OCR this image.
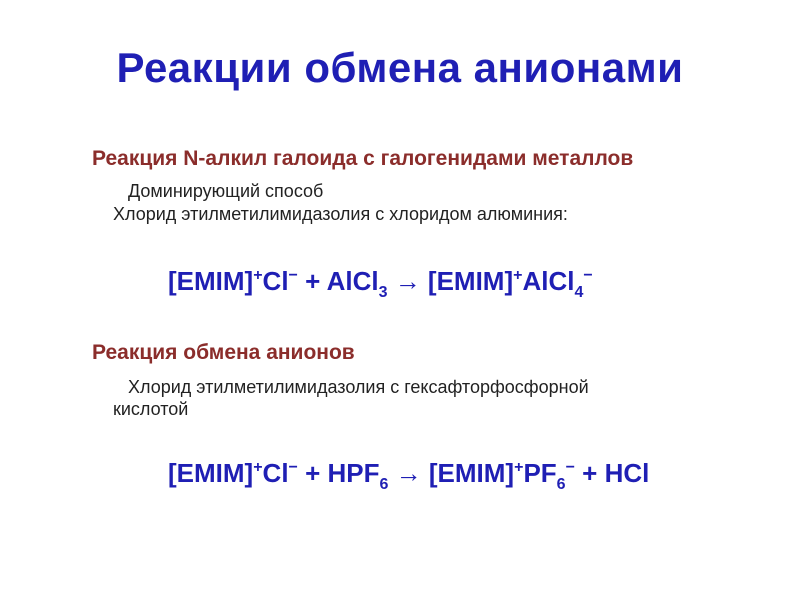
Реакции обмена анионами
Реакция N-алкил галоида с галогенидами металлов
Доминирующий способ
Хлорид этилметилимидазолия с хлоридом алюминия:
[EMIM]+Cl− + AlCl$_3$ → [EMIM]+AlCl$_4$−
Реакция обмена анионов
Хлорид этилметилимидазолия с гексафторфосфорной
кислотой
[EMIM]+Cl− + $HPF_6$ → $[EMIM]^+PF_6^-$ + HCl
